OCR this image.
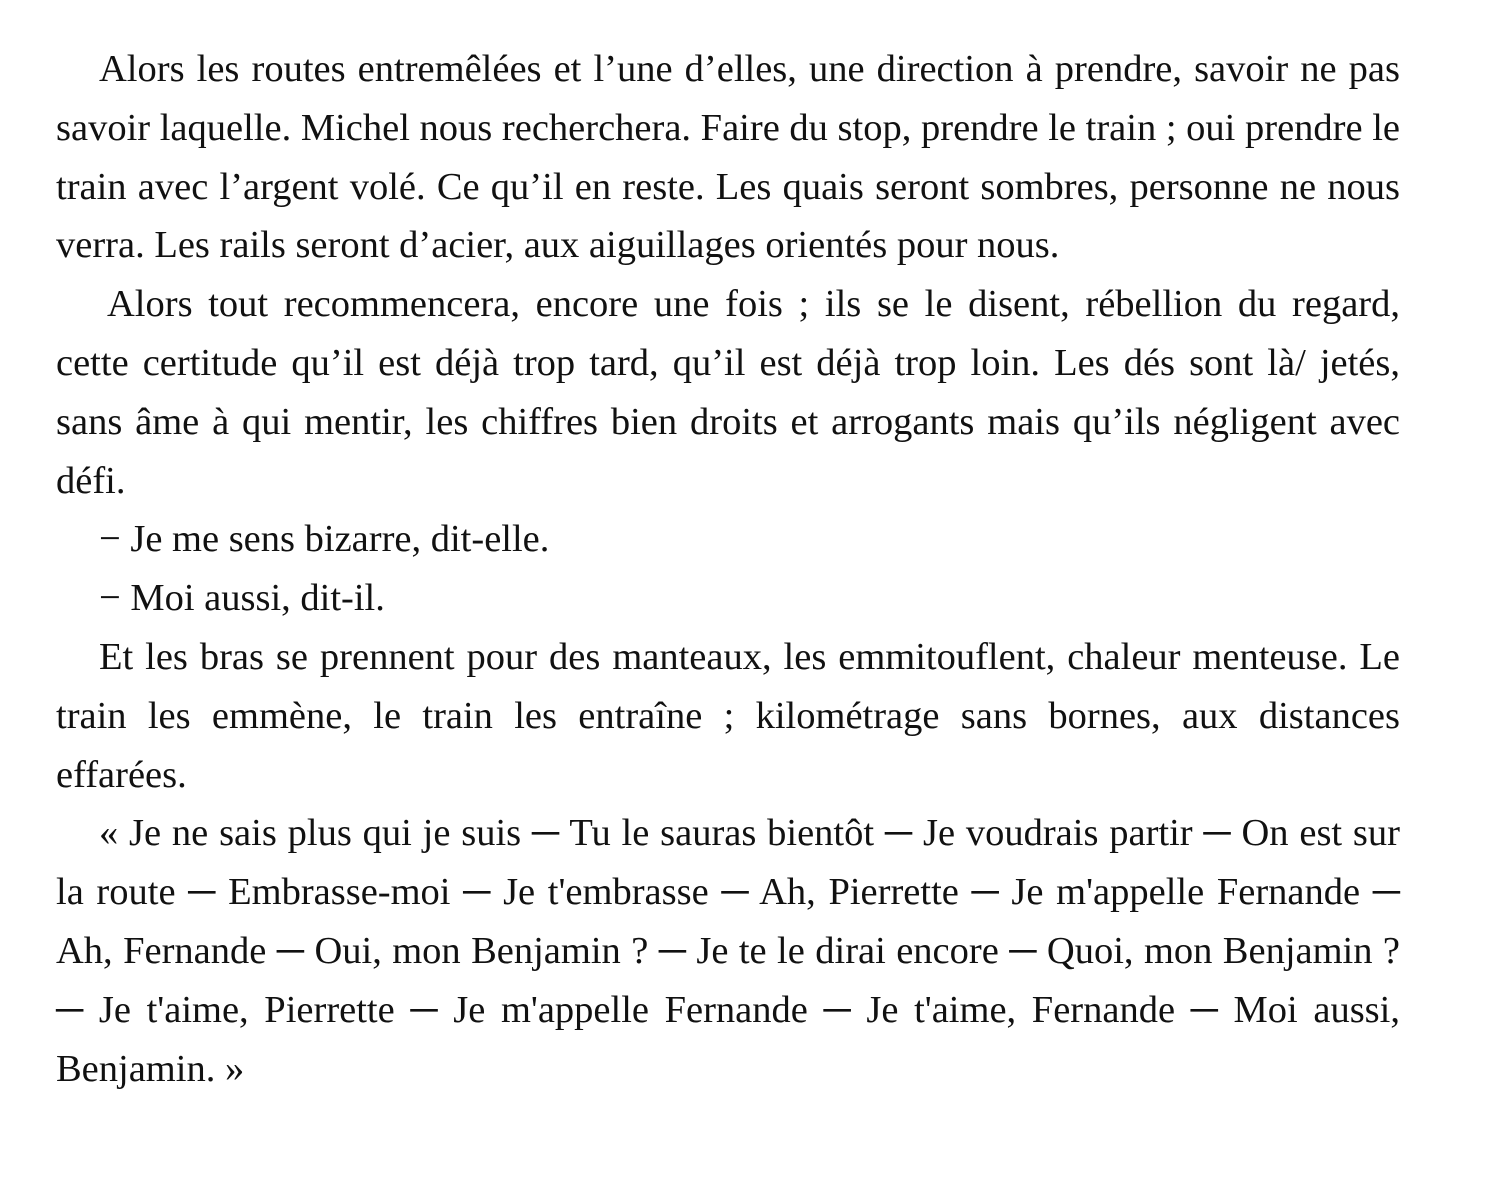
Alors les routes entremêlées et l’une d’elles, une direction à prendre, savoir ne pas savoir laquelle. Michel nous recherchera. Faire du stop, prendre le train ; oui prendre le train avec l’argent volé. Ce qu’il en reste. Les quais seront sombres, personne ne nous verra. Les rails seront d’acier, aux aiguillages orientés pour nous.

Alors tout recommencera, encore une fois ; ils se le disent, rébellion du regard, cette certitude qu’il est déjà trop tard, qu’il est déjà trop loin. Les dés sont là/ jetés, sans âme à qui mentir, les chiffres bien droits et arrogants mais qu’ils négligent avec défi.

− Je me sens bizarre, dit-elle.

− Moi aussi, dit-il.

Et les bras se prennent pour des manteaux, les emmitouflent, chaleur menteuse. Le train les emmène, le train les entraîne ; kilométrage sans bornes, aux distances effarées.

« Je ne sais plus qui je suis ─ Tu le sauras bientôt ─ Je voudrais partir ─ On est sur la route ─ Embrasse-moi ─ Je t'embrasse ─ Ah, Pierrette ─ Je m'appelle Fernande ─ Ah, Fernande ─ Oui, mon Benjamin ? ─ Je te le dirai encore ─ Quoi, mon Benjamin ? ─ Je t'aime, Pierrette ─ Je m'appelle Fernande ─ Je t'aime, Fernande ─ Moi aussi, Benjamin. »
